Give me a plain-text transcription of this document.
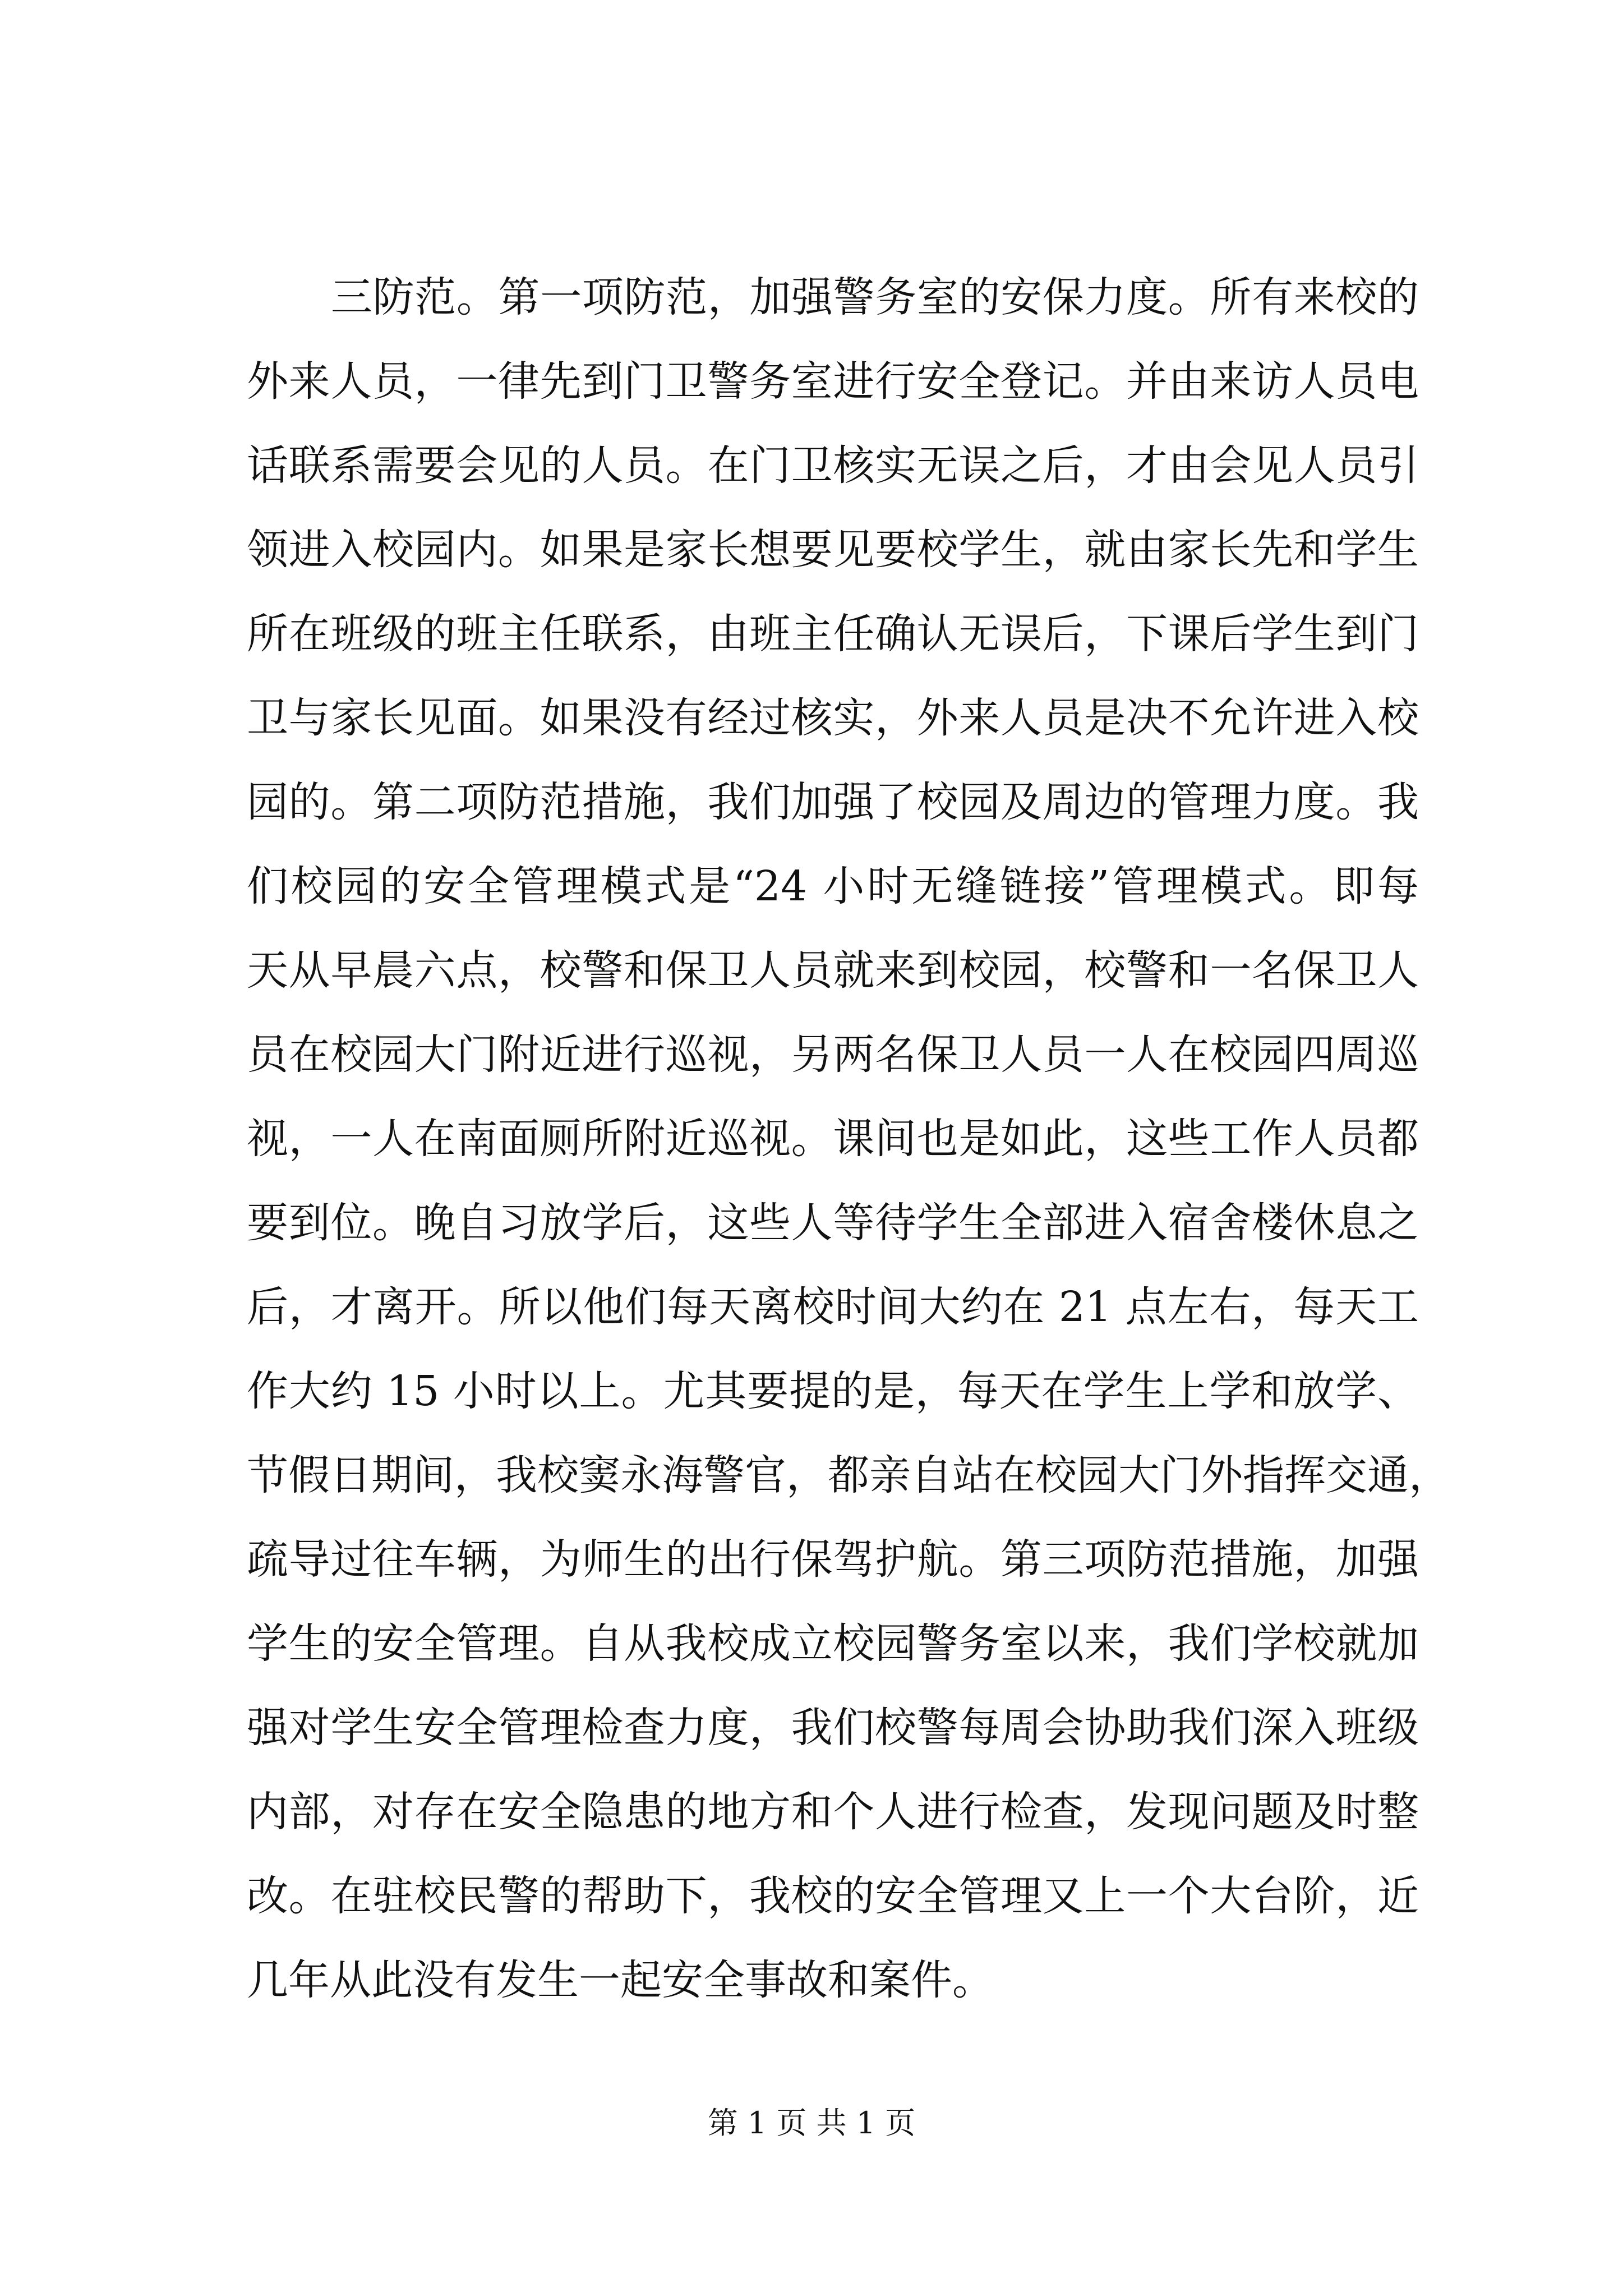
三防范。第一项防范，加强警务室的安保力度。所有来校的
外来人员，一律先到门卫警务室进行安全登记。并由来访人员电
话联系需要会见的人员。在门卫核实无误之后，才由会见人员引
领进入校园内。如果是家长想要见要校学生，就由家长先和学生
所在班级的班主任联系，由班主任确认无误后，下课后学生到门
卫与家长见面。如果没有经过核实，外来人员是决不允许进入校
园的。第二项防范措施，我们加强了校园及周边的管理力度。我
们校园的安全管理模式是“24 小时无缝链接”管理模式。即每
天从早晨六点，校警和保卫人员就来到校园，校警和一名保卫人
员在校园大门附近进行巡视，另两名保卫人员一人在校园四周巡
视，一人在南面厕所附近巡视。课间也是如此，这些工作人员都
要到位。晚自习放学后，这些人等待学生全部进入宿舍楼休息之
后，才离开。所以他们每天离校时间大约在 21 点左右，每天工
作大约 15 小时以上。尤其要提的是，每天在学生上学和放学、
节假日期间，我校窦永海警官，都亲自站在校园大门外指挥交通，
疏导过往车辆，为师生的出行保驾护航。第三项防范措施，加强
学生的安全管理。自从我校成立校园警务室以来，我们学校就加
强对学生安全管理检查力度，我们校警每周会协助我们深入班级
内部，对存在安全隐患的地方和个人进行检查，发现问题及时整
改。在驻校民警的帮助下，我校的安全管理又上一个大台阶，近
几年从此没有发生一起安全事故和案件。
第 1 页 共 1 页
